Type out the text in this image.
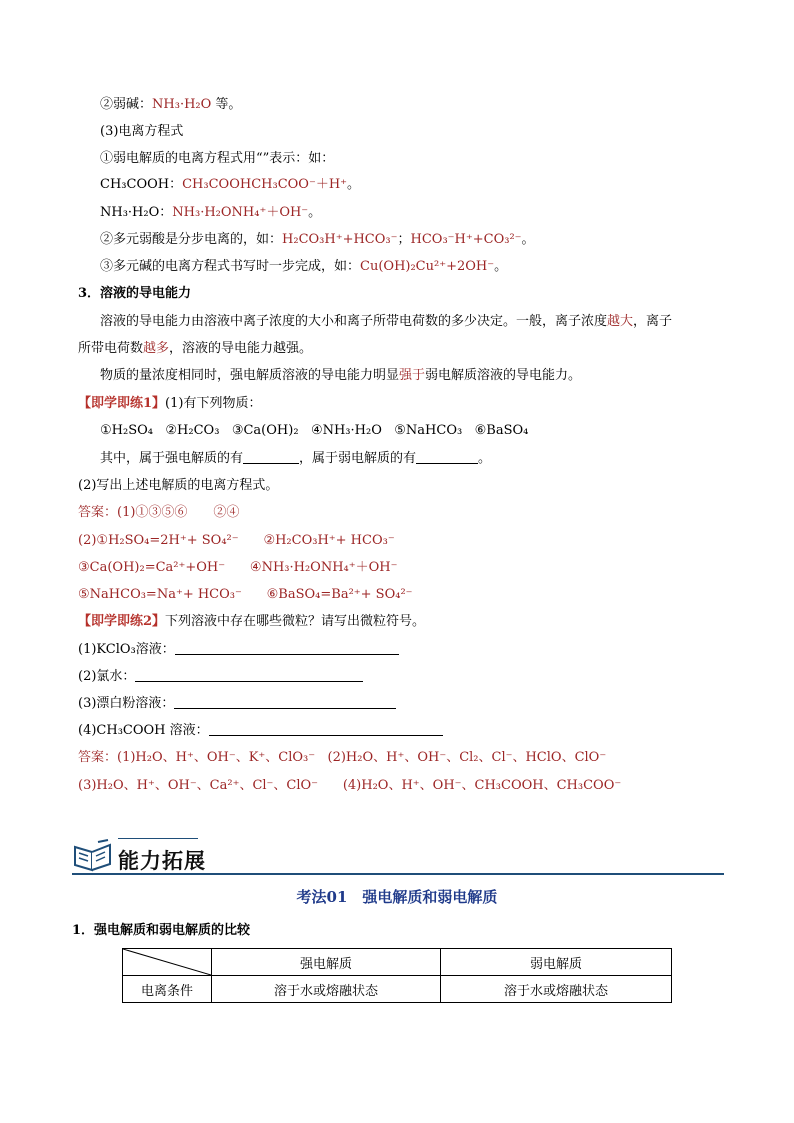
②弱碱：NH₃·H₂O 等。
(3)电离方程式
①弱电解质的电离方程式用“”表示：如：
CH₃COOH：CH₃COOHCH₃COO⁻＋H⁺。
NH₃·H₂O：NH₃·H₂ONH₄⁺＋OH⁻。
②多元弱酸是分步电离的，如：H₂CO₃H⁺+HCO₃⁻；HCO₃⁻H⁺+CO₃²⁻。
③多元碱的电离方程式书写时一步完成，如：Cu(OH)₂Cu²⁺+2OH⁻。
3．溶液的导电能力
溶液的导电能力由溶液中离子浓度的大小和离子所带电荷数的多少决定。一般，离子浓度越大，离子
所带电荷数越多，溶液的导电能力越强。
物质的量浓度相同时，强电解质溶液的导电能力明显强于弱电解质溶液的导电能力。
【即学即练1】(1)有下列物质：
①H₂SO₄ ②H₂CO₃ ③Ca(OH)₂ ④NH₃·H₂O ⑤NaHCO₃ ⑥BaSO₄
其中，属于强电解质的有	，属于弱电解质的有	。
(2)写出上述电解质的电离方程式。
答案：(1)①③⑤⑥　　②④
(2)①H₂SO₄=2H⁺+ SO₄²⁻ ②H₂CO₃H⁺+ HCO₃⁻
③Ca(OH)₂=Ca²⁺+OH⁻ ④NH₃·H₂ONH₄⁺＋OH⁻
⑤NaHCO₃=Na⁺+ HCO₃⁻ ⑥BaSO₄=Ba²⁺+ SO₄²⁻
【即学即练2】下列溶液中存在哪些微粒？请写出微粒符号。
(1)KClO₃溶液：
(2)氯水：
(3)漂白粉溶液：
(4)CH₃COOH 溶液：
答案：(1)H₂O、H⁺、OH⁻、K⁺、ClO₃⁻ (2)H₂O、H⁺、OH⁻、Cl₂、Cl⁻、HClO、ClO⁻
(3)H₂O、H⁺、OH⁻、Ca²⁺、Cl⁻、ClO⁻ (4)H₂O、H⁺、OH⁻、CH₃COOH、CH₃COO⁻
能力拓展
考法01　强电解质和弱电解质
1．强电解质和弱电解质的比较
	强电解质	弱电解质
电离条件	溶于水或熔融状态	溶于水或熔融状态
